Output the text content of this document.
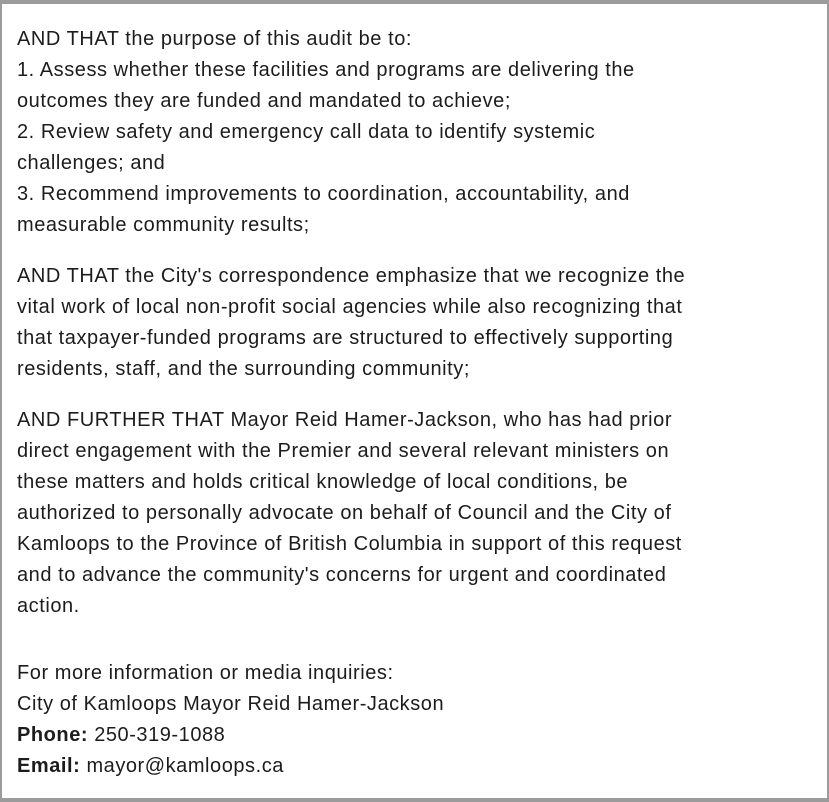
AND THAT the purpose of this audit be to:

1. Assess whether these facilities and programs are delivering the

outcomes they are funded and mandated to achieve;

2. Review safety and emergency call data to identify systemic

challenges; and

3. Recommend improvements to coordination, accountability, and

measurable community results;

AND THAT the City's correspondence emphasize that we recognize the

vital work of local non-profit social agencies while also recognizing that

that taxpayer-funded programs are structured to effectively supporting

residents, staff, and the surrounding community;

AND FURTHER THAT Mayor Reid Hamer-Jackson, who has had prior

direct engagement with the Premier and several relevant ministers on

these matters and holds critical knowledge of local conditions, be

authorized to personally advocate on behalf of Council and the City of

Kamloops to the Province of British Columbia in support of this request

and to advance the community's concerns for urgent and coordinated

action.

For more information or media inquiries:

City of Kamloops Mayor Reid Hamer-Jackson

Phone: 250-319-1088

Email: mayor@kamloops.ca
